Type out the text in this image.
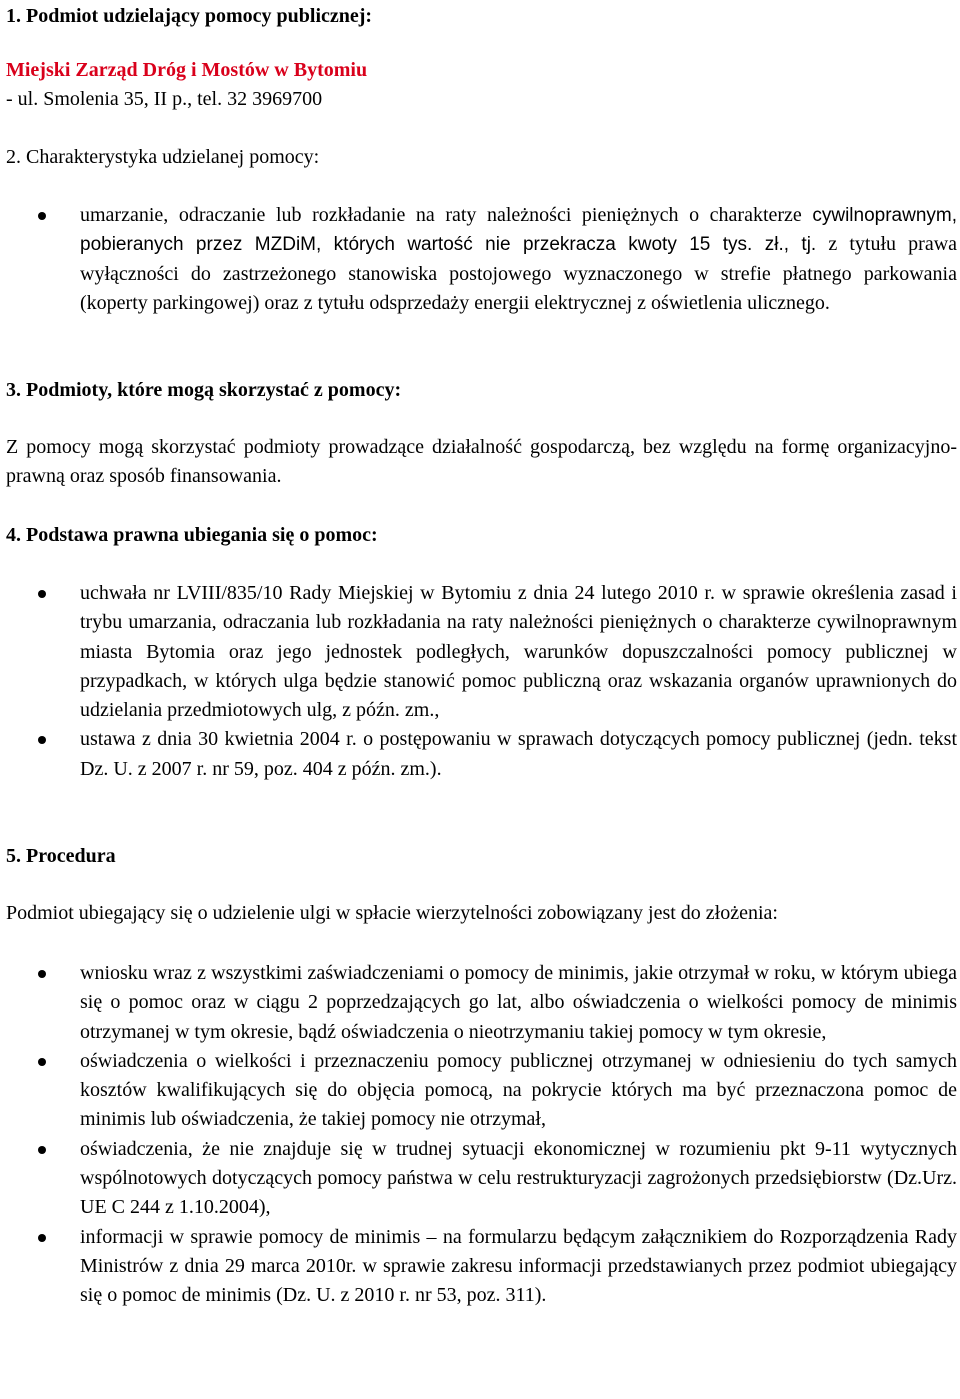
1. Podmiot udzielający pomocy publicznej:

Miejski Zarząd Dróg i Mostów w Bytomiu

- ul. Smolenia 35, II p., tel. 32 3969700

2. Charakterystyka udzielanej pomocy:

umarzanie, odraczanie lub rozkładanie na raty należności pieniężnych o charakterze cywilnoprawnym, pobieranych przez MZDiM, których wartość nie przekracza kwoty 15 tys. zł., tj. z tytułu prawa wyłączności do zastrzeżonego stanowiska postojowego wyznaczonego w strefie płatnego parkowania (koperty parkingowej) oraz z tytułu odsprzedaży energii elektrycznej z oświetlenia ulicznego.

3. Podmioty, które mogą skorzystać z pomocy:

Z pomocy mogą skorzystać podmioty prowadzące działalność gospodarczą, bez względu na formę organizacyjno-prawną oraz sposób finansowania.

4. Podstawa prawna ubiegania się o pomoc:

uchwała nr LVIII/835/10 Rady Miejskiej w Bytomiu z dnia 24 lutego 2010 r. w sprawie określenia zasad i trybu umarzania, odraczania lub rozkładania na raty należności pieniężnych o charakterze cywilnoprawnym miasta Bytomia oraz jego jednostek podległych, warunków dopuszczalności pomocy publicznej w przypadkach, w których ulga będzie stanowić pomoc publiczną oraz wskazania organów uprawnionych do udzielania przedmiotowych ulg, z późn. zm.,
ustawa z dnia 30 kwietnia 2004 r. o postępowaniu w sprawach dotyczących pomocy publicznej (jedn. tekst Dz. U. z 2007 r. nr 59, poz. 404 z późn. zm.).

5. Procedura

Podmiot ubiegający się o udzielenie ulgi w spłacie wierzytelności zobowiązany jest do złożenia:

wniosku wraz z wszystkimi zaświadczeniami o pomocy de minimis, jakie otrzymał w roku, w którym ubiega się o pomoc oraz w ciągu 2 poprzedzających go lat, albo oświadczenia o wielkości pomocy de minimis otrzymanej w tym okresie, bądź oświadczenia o nieotrzymaniu takiej pomocy w tym okresie,
oświadczenia o wielkości i przeznaczeniu pomocy publicznej otrzymanej w odniesieniu do tych samych kosztów kwalifikujących się do objęcia pomocą, na pokrycie których ma być przeznaczona pomoc de minimis lub oświadczenia, że takiej pomocy nie otrzymał,
oświadczenia, że nie znajduje się w trudnej sytuacji ekonomicznej w rozumieniu pkt 9-11 wytycznych wspólnotowych dotyczących pomocy państwa w celu restrukturyzacji zagrożonych przedsiębiorstw (Dz.Urz. UE C 244 z 1.10.2004),
informacji w sprawie pomocy de minimis – na formularzu będącym załącznikiem do Rozporządzenia Rady Ministrów z dnia 29 marca 2010r. w sprawie zakresu informacji przedstawianych przez podmiot ubiegający się o pomoc de minimis (Dz. U. z 2010 r. nr 53, poz. 311).
